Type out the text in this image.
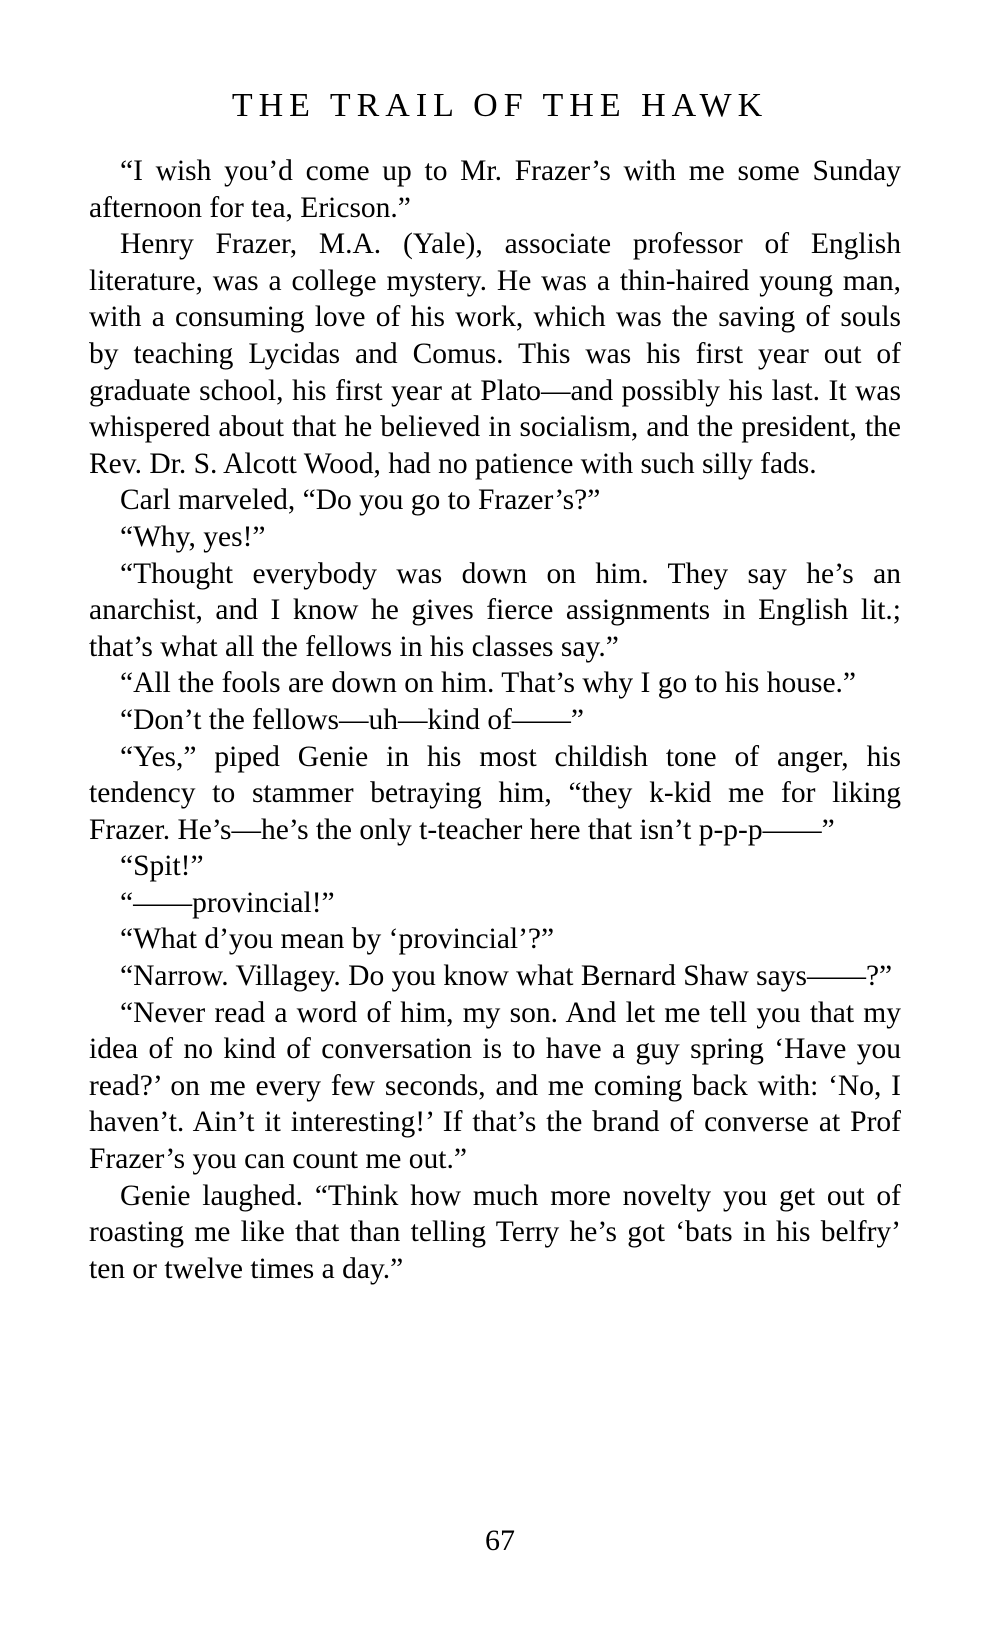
THE TRAIL OF THE HAWK

“I wish you’d come up to Mr. Frazer’s with me some Sunday afternoon for tea, Ericson.”

Henry Frazer, M.A. (Yale), associate professor of English literature, was a college mystery. He was a thin-haired young man, with a consuming love of his work, which was the saving of souls by teaching Lycidas and Comus. This was his first year out of graduate school, his first year at Plato—and possibly his last. It was whispered about that he believed in socialism, and the president, the Rev. Dr. S. Alcott Wood, had no patience with such silly fads.

Carl marveled, “Do you go to Frazer’s?”

“Why, yes!”

“Thought everybody was down on him. They say he’s an anarchist, and I know he gives fierce assignments in English lit.; that’s what all the fellows in his classes say.”

“All the fools are down on him. That’s why I go to his house.”

“Don’t the fellows—uh—kind of——”

“Yes,” piped Genie in his most childish tone of anger, his tendency to stammer betraying him, “they k-kid me for liking Frazer. He’s—he’s the only t-teacher here that isn’t p-p-p——”

“Spit!”

“——provincial!”

“What d’you mean by ‘provincial’?”

“Narrow. Villagey. Do you know what Bernard Shaw says——?”

“Never read a word of him, my son. And let me tell you that my idea of no kind of conversation is to have a guy spring ‘Have you read?’ on me every few seconds, and me coming back with: ‘No, I haven’t. Ain’t it interesting!’ If that’s the brand of converse at Prof Frazer’s you can count me out.”

Genie laughed. “Think how much more novelty you get out of roasting me like that than telling Terry he’s got ‘bats in his belfry’ ten or twelve times a day.”

67
